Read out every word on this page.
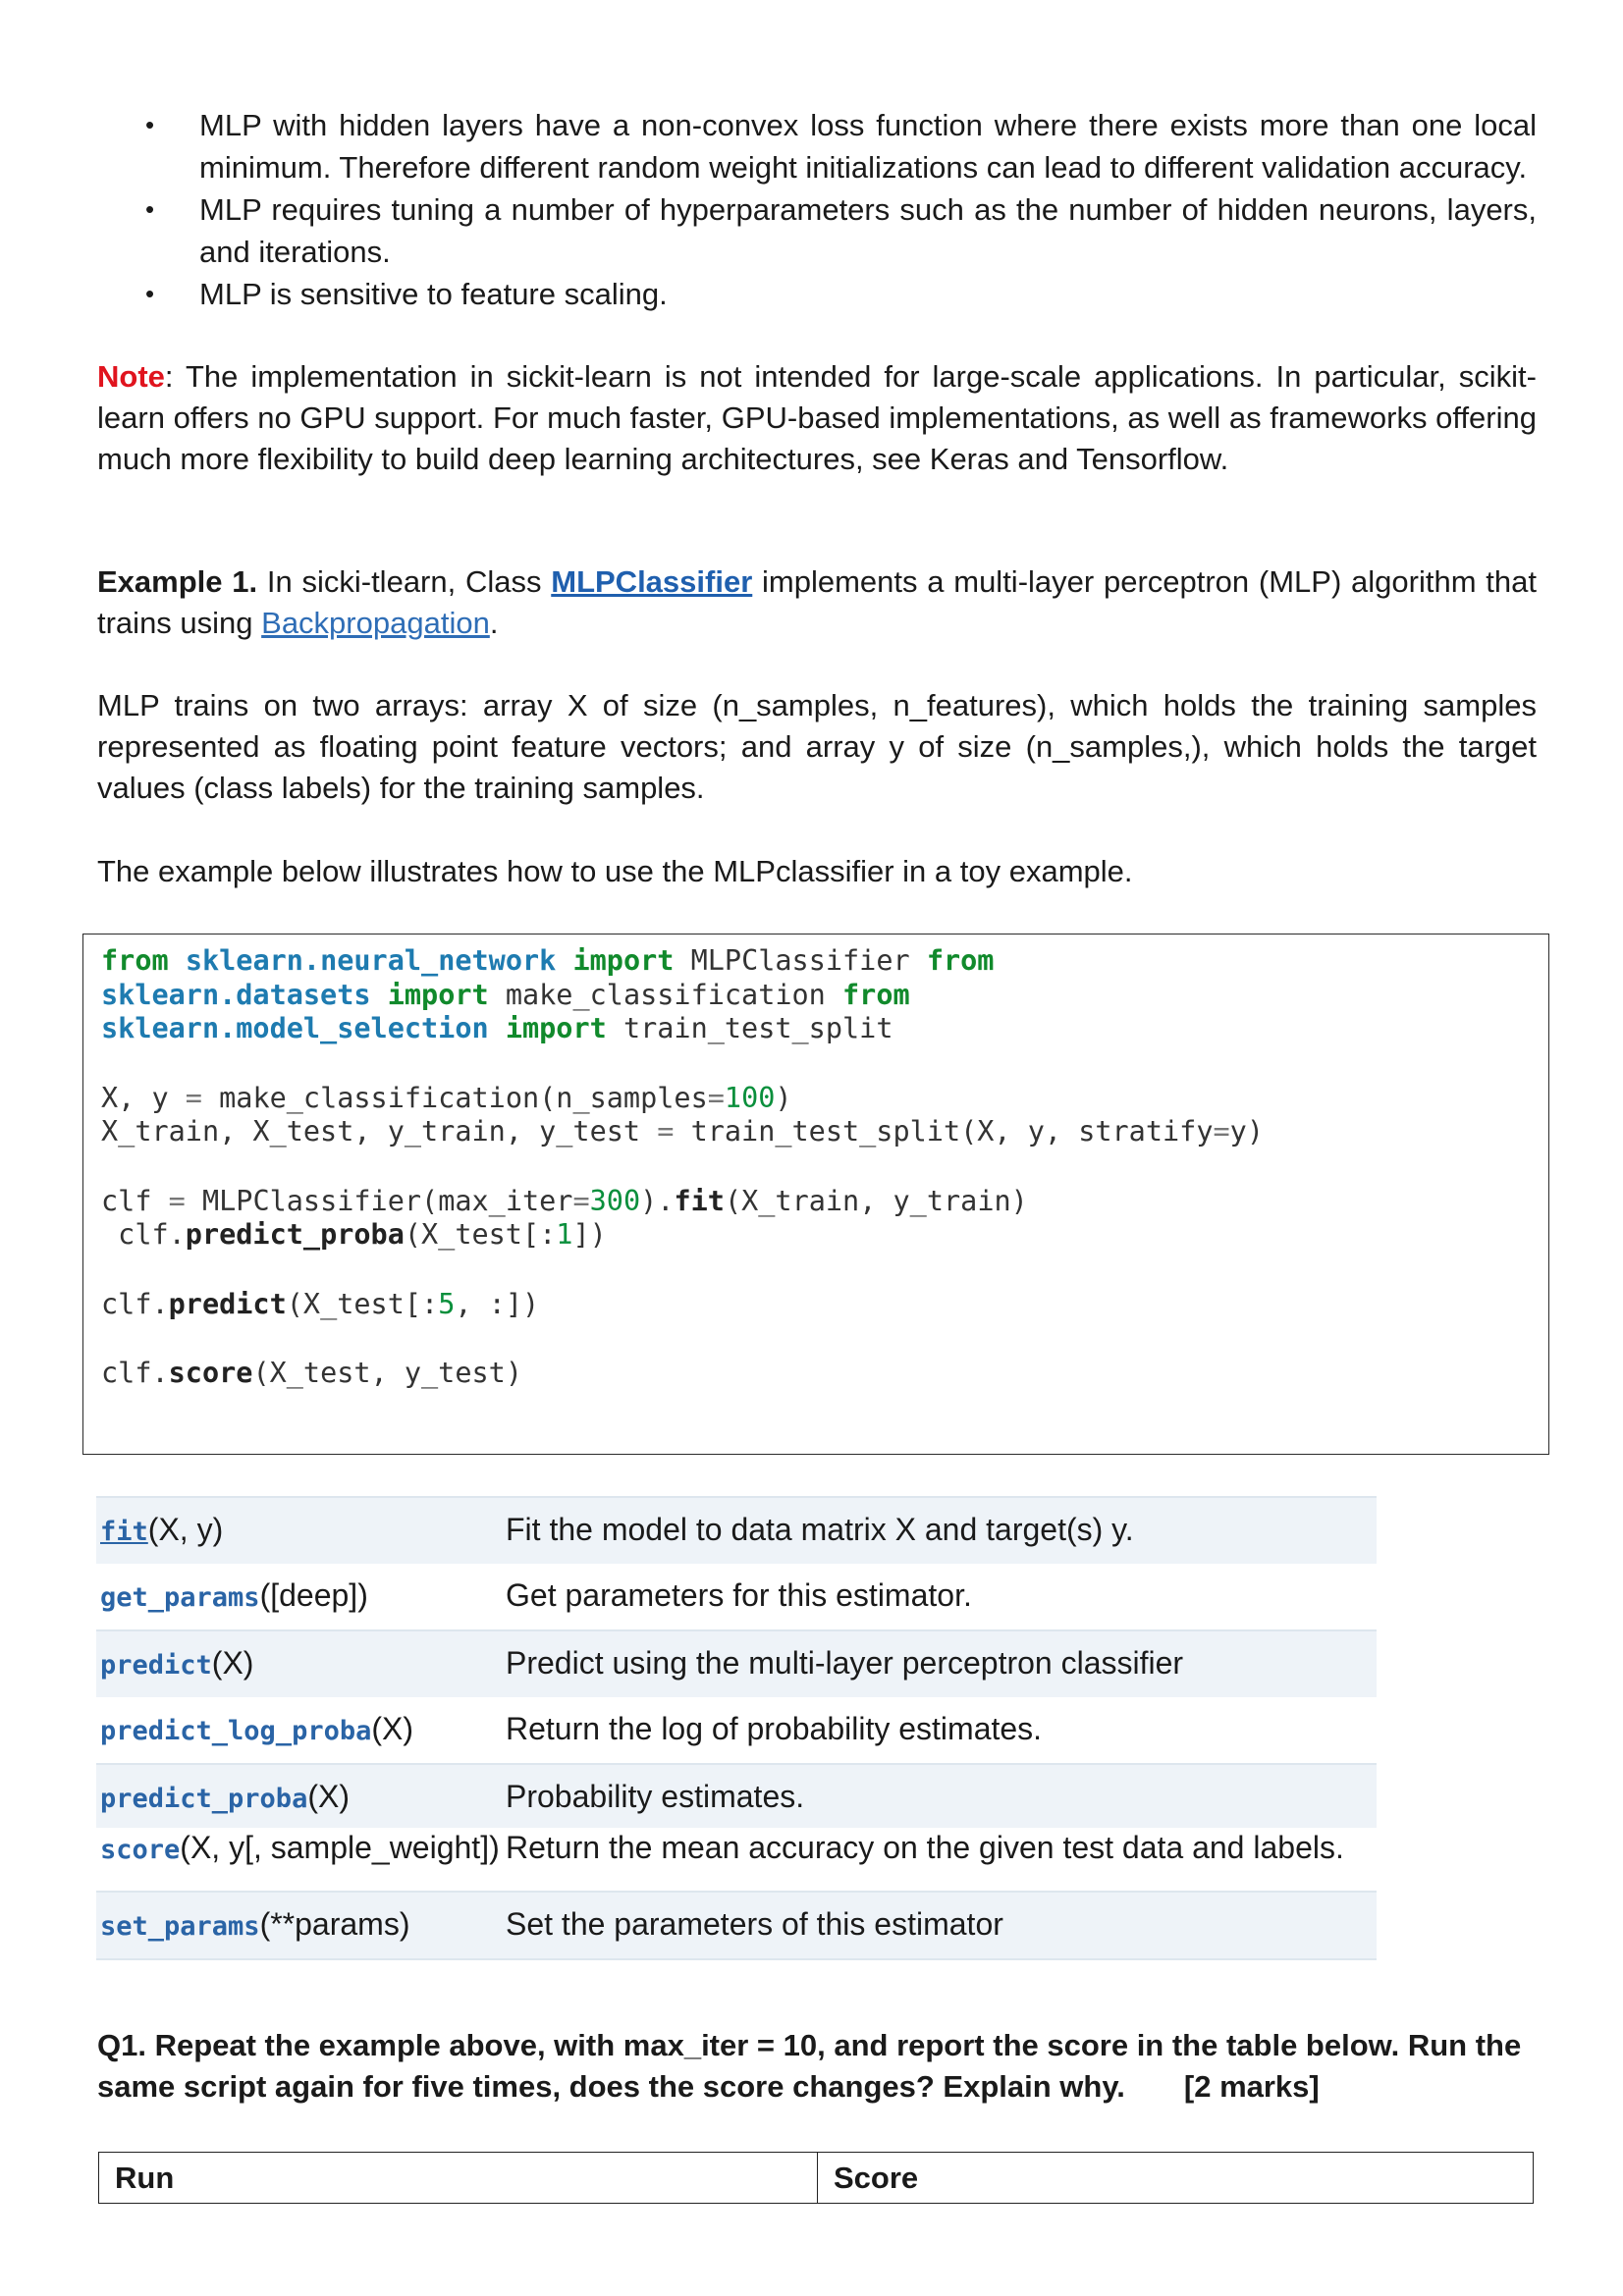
• MLP with hidden layers have a non-convex loss function where there exists more than one local minimum. Therefore different random weight initializations can lead to different validation accuracy.
• MLP requires tuning a number of hyperparameters such as the number of hidden neurons, layers, and iterations.
• MLP is sensitive to feature scaling.
Note: The implementation in sickit-learn is not intended for large-scale applications. In particular, scikit-learn offers no GPU support. For much faster, GPU-based implementations, as well as frameworks offering much more flexibility to build deep learning architectures, see Keras and Tensorflow.
Example 1. In sicki-tlearn, Class MLPClassifier implements a multi-layer perceptron (MLP) algorithm that trains using Backpropagation.
MLP trains on two arrays: array X of size (n_samples, n_features), which holds the training samples represented as floating point feature vectors; and array y of size (n_samples,), which holds the target values (class labels) for the training samples.
The example below illustrates how to use the MLPclassifier in a toy example.
from sklearn.neural_network import MLPClassifier from
sklearn.datasets import make_classification from
sklearn.model_selection import train_test_split

X, y = make_classification(n_samples=100)
X_train, X_test, y_train, y_test = train_test_split(X, y, stratify=y)

clf = MLPClassifier(max_iter=300).fit(X_train, y_train)
clf.predict_proba(X_test[:1])

clf.predict(X_test[:5, :])

clf.score(X_test, y_test)
fit(X, y)	Fit the model to data matrix X and target(s) y.
get_params([deep])	Get parameters for this estimator.
predict(X)	Predict using the multi-layer perceptron classifier
predict_log_proba(X)	Return the log of probability estimates.
predict_proba(X)	Probability estimates.
score(X, y[, sample_weight]) Return the mean accuracy on the given test data and labels.
set_params(**params)	Set the parameters of this estimator
Q1. Repeat the example above, with max_iter = 10, and report the score in the table below. Run the same script again for five times, does the score changes? Explain why. [2 marks]
Run	Score
